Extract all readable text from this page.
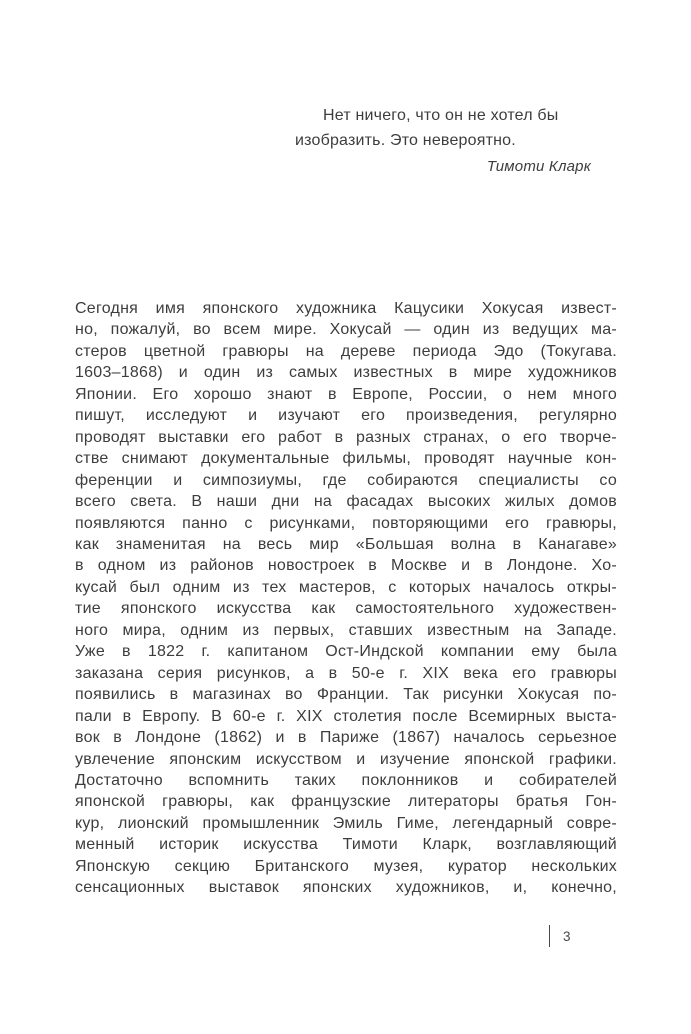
Нет ничего, что он не хотел бы
изобразить. Это невероятно.
Тимоти Кларк
Сегодня имя японского художника Кацусики Хокусая извест-
но, пожалуй, во всем мире. Хокусай — один из ведущих ма-
стеров цветной гравюры на дереве периода Эдо (Токугава.
1603–1868) и один из самых известных в мире художников
Японии. Его хорошо знают в Европе, России, о нем много
пишут, исследуют и изучают его произведения, регулярно
проводят выставки его работ в разных странах, о его творче-
стве снимают документальные фильмы, проводят научные кон-
ференции и симпозиумы, где собираются специалисты со
всего света. В наши дни на фасадах высоких жилых домов
появляются панно с рисунками, повторяющими его гравюры,
как знаменитая на весь мир «Большая волна в Канагаве»
в одном из районов новостроек в Москве и в Лондоне. Хо-
кусай был одним из тех мастеров, с которых началось откры-
тие японского искусства как самостоятельного художествен-
ного мира, одним из первых, ставших известным на Западе.
Уже в 1822 г. капитаном Ост-Индской компании ему была
заказана серия рисунков, а в 50-е г. XIX века его гравюры
появились в магазинах во Франции. Так рисунки Хокусая по-
пали в Европу. В 60-е г. XIX столетия после Всемирных выста-
вок в Лондоне (1862) и в Париже (1867) началось серьезное
увлечение японским искусством и изучение японской графики.
Достаточно вспомнить таких поклонников и собирателей
японской гравюры, как французские литераторы братья Гон-
кур, лионский промышленник Эмиль Гиме, легендарный совре-
менный историк искусства Тимоти Кларк, возглавляющий
Японскую секцию Британского музея, куратор нескольких
сенсационных выставок японских художников, и, конечно,
3
